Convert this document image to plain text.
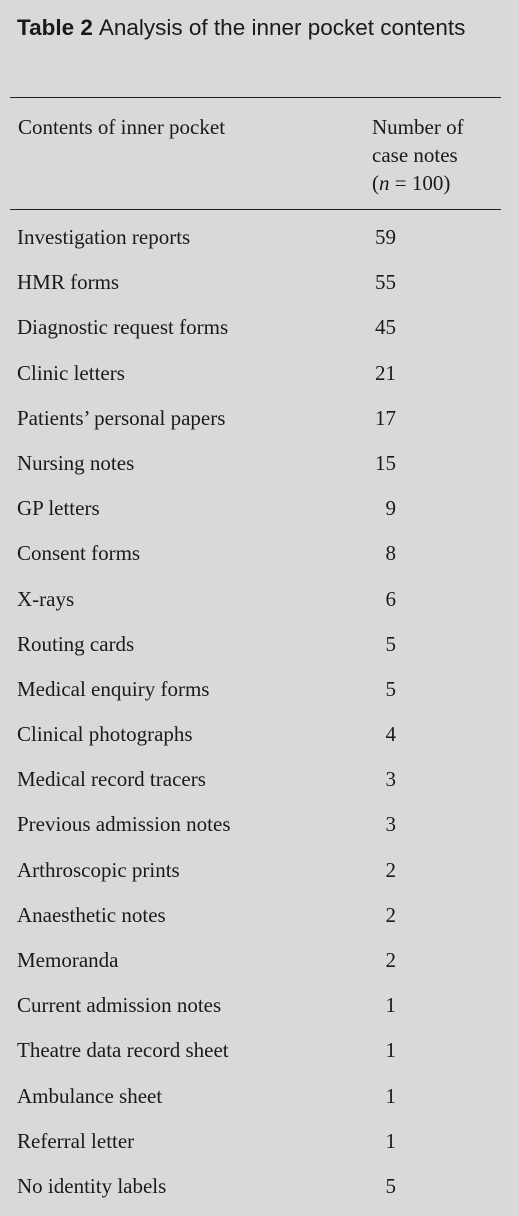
Table 2 Analysis of the inner pocket contents
Contents of inner pocket	Number of
case notes
(n = 100)
Investigation reports	59
HMR forms	55
Diagnostic request forms	45
Clinic letters	21
Patients’ personal papers	17
Nursing notes	15
GP letters	9
Consent forms	8
X-rays	6
Routing cards	5
Medical enquiry forms	5
Clinical photographs	4
Medical record tracers	3
Previous admission notes	3
Arthroscopic prints	2
Anaesthetic notes	2
Memoranda	2
Current admission notes	1
Theatre data record sheet	1
Ambulance sheet	1
Referral letter	1
No identity labels	5
